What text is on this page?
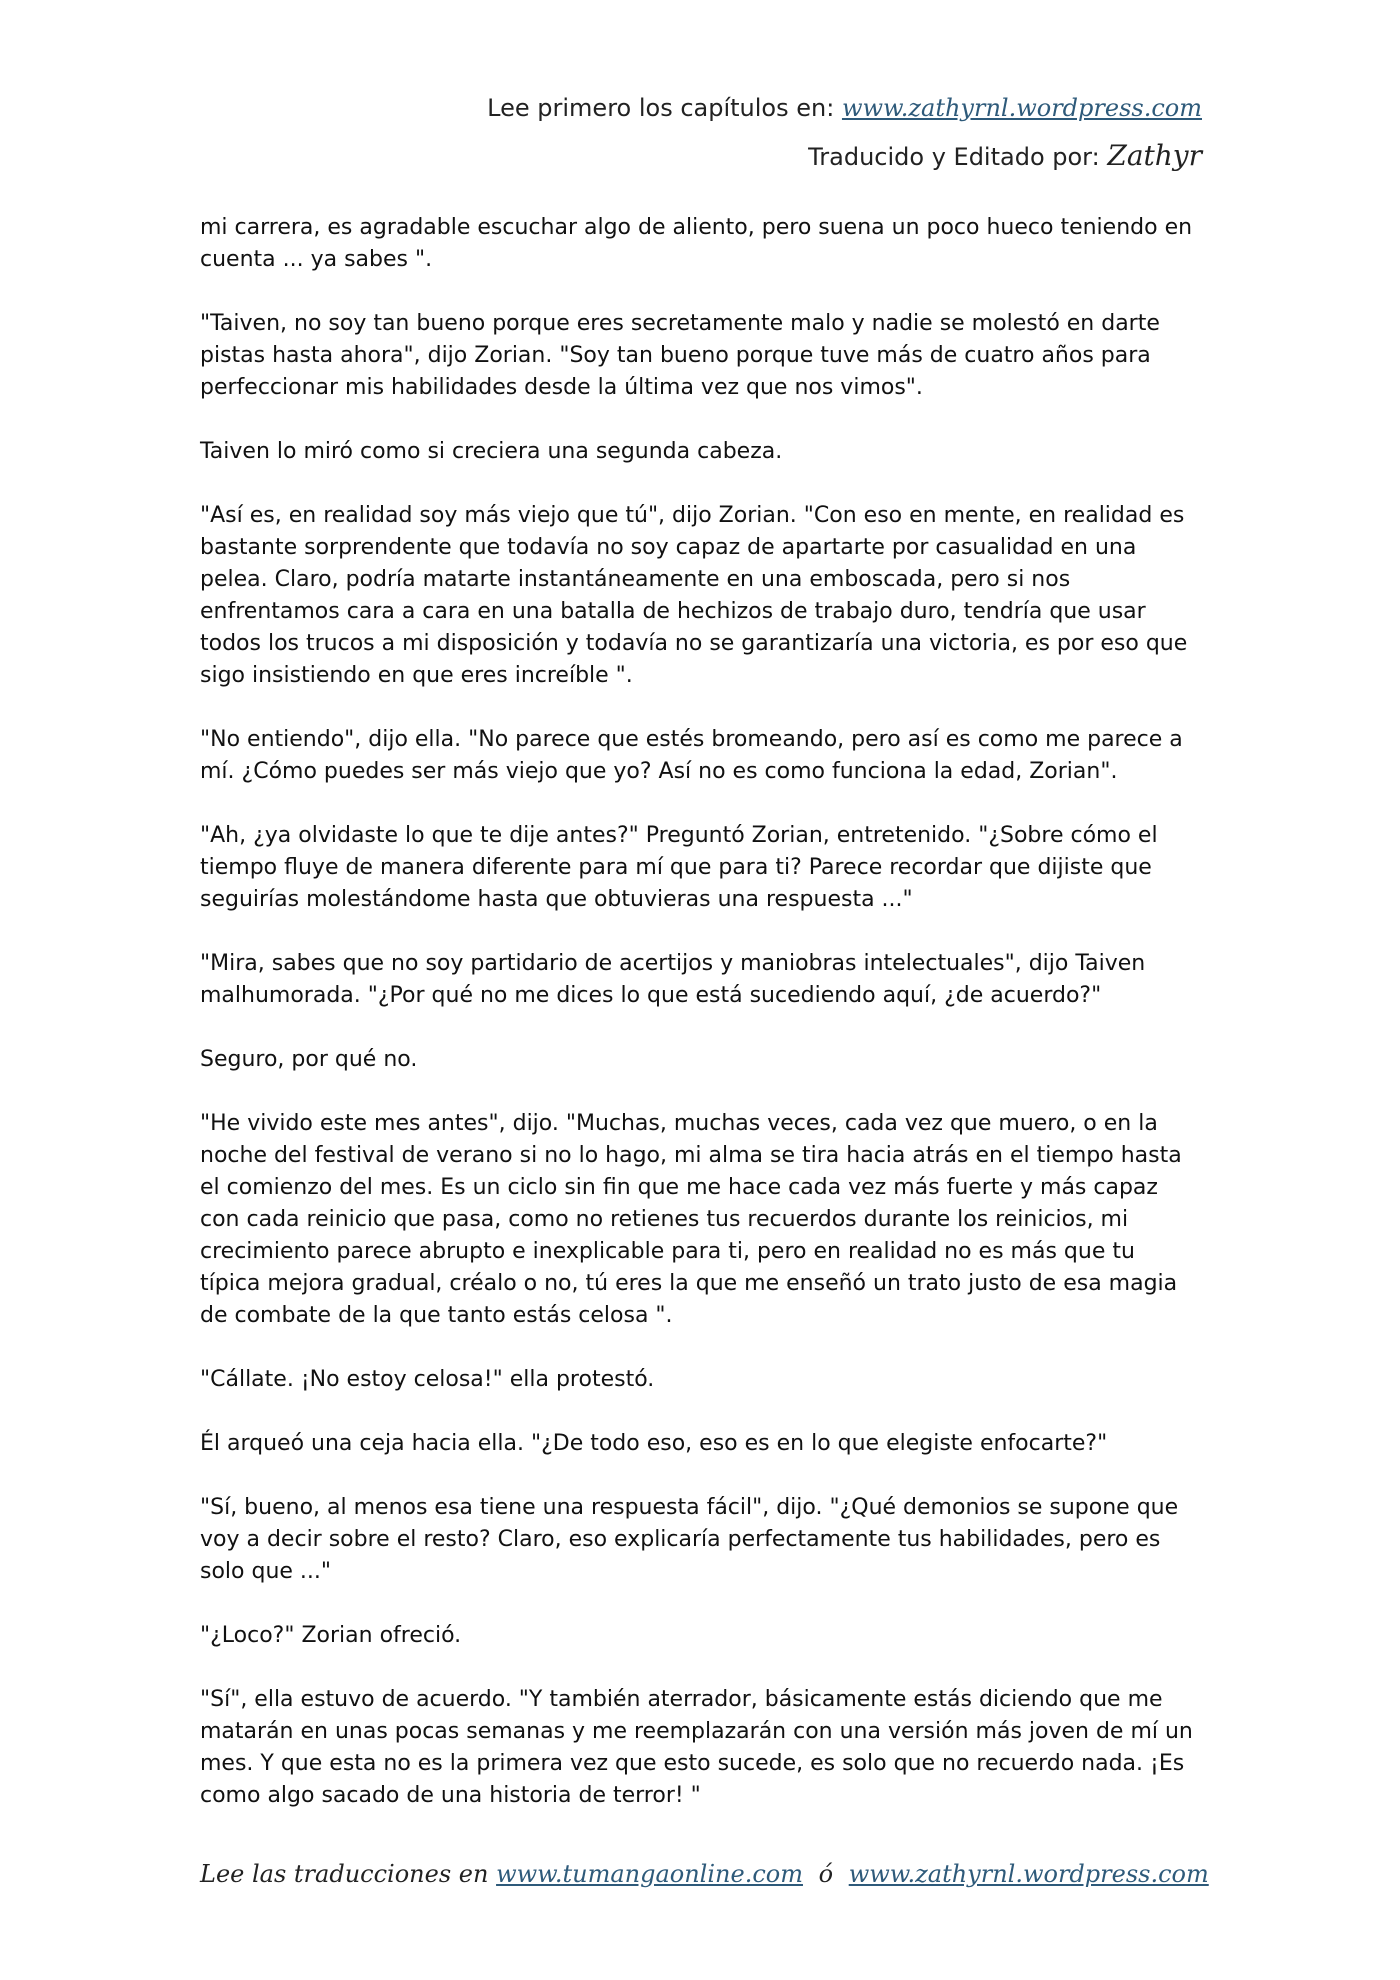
Lee primero los capítulos en: www.zathyrnl.wordpress.com
Traducido y Editado por: Zathyr

mi carrera, es agradable escuchar algo de aliento, pero suena un poco hueco teniendo en cuenta ... ya sabes ".

"Taiven, no soy tan bueno porque eres secretamente malo y nadie se molestó en darte pistas hasta ahora", dijo Zorian. "Soy tan bueno porque tuve más de cuatro años para perfeccionar mis habilidades desde la última vez que nos vimos".

Taiven lo miró como si creciera una segunda cabeza.

"Así es, en realidad soy más viejo que tú", dijo Zorian. "Con eso en mente, en realidad es bastante sorprendente que todavía no soy capaz de apartarte por casualidad en una pelea. Claro, podría matarte instantáneamente en una emboscada, pero si nos enfrentamos cara a cara en una batalla de hechizos de trabajo duro, tendría que usar todos los trucos a mi disposición y todavía no se garantizaría una victoria, es por eso que sigo insistiendo en que eres increíble ".

"No entiendo", dijo ella. "No parece que estés bromeando, pero así es como me parece a mí. ¿Cómo puedes ser más viejo que yo? Así no es como funciona la edad, Zorian".

"Ah, ¿ya olvidaste lo que te dije antes?" Preguntó Zorian, entretenido. "¿Sobre cómo el tiempo fluye de manera diferente para mí que para ti? Parece recordar que dijiste que seguirías molestándome hasta que obtuvieras una respuesta ..."

"Mira, sabes que no soy partidario de acertijos y maniobras intelectuales", dijo Taiven malhumorada. "¿Por qué no me dices lo que está sucediendo aquí, ¿de acuerdo?"

Seguro, por qué no.

"He vivido este mes antes", dijo. "Muchas, muchas veces, cada vez que muero, o en la noche del festival de verano si no lo hago, mi alma se tira hacia atrás en el tiempo hasta el comienzo del mes. Es un ciclo sin fin que me hace cada vez más fuerte y más capaz con cada reinicio que pasa, como no retienes tus recuerdos durante los reinicios, mi crecimiento parece abrupto e inexplicable para ti, pero en realidad no es más que tu típica mejora gradual, créalo o no, tú eres la que me enseñó un trato justo de esa magia de combate de la que tanto estás celosa ".

"Cállate. ¡No estoy celosa!" ella protestó.

Él arqueó una ceja hacia ella. "¿De todo eso, eso es en lo que elegiste enfocarte?"

"Sí, bueno, al menos esa tiene una respuesta fácil", dijo. "¿Qué demonios se supone que voy a decir sobre el resto? Claro, eso explicaría perfectamente tus habilidades, pero es solo que ..."

"¿Loco?" Zorian ofreció.

"Sí", ella estuvo de acuerdo. "Y también aterrador, básicamente estás diciendo que me matarán en unas pocas semanas y me reemplazarán con una versión más joven de mí un mes. Y que esta no es la primera vez que esto sucede, es solo que no recuerdo nada. ¡Es como algo sacado de una historia de terror! "

Lee las traducciones en www.tumangaonline.com ó www.zathyrnl.wordpress.com
